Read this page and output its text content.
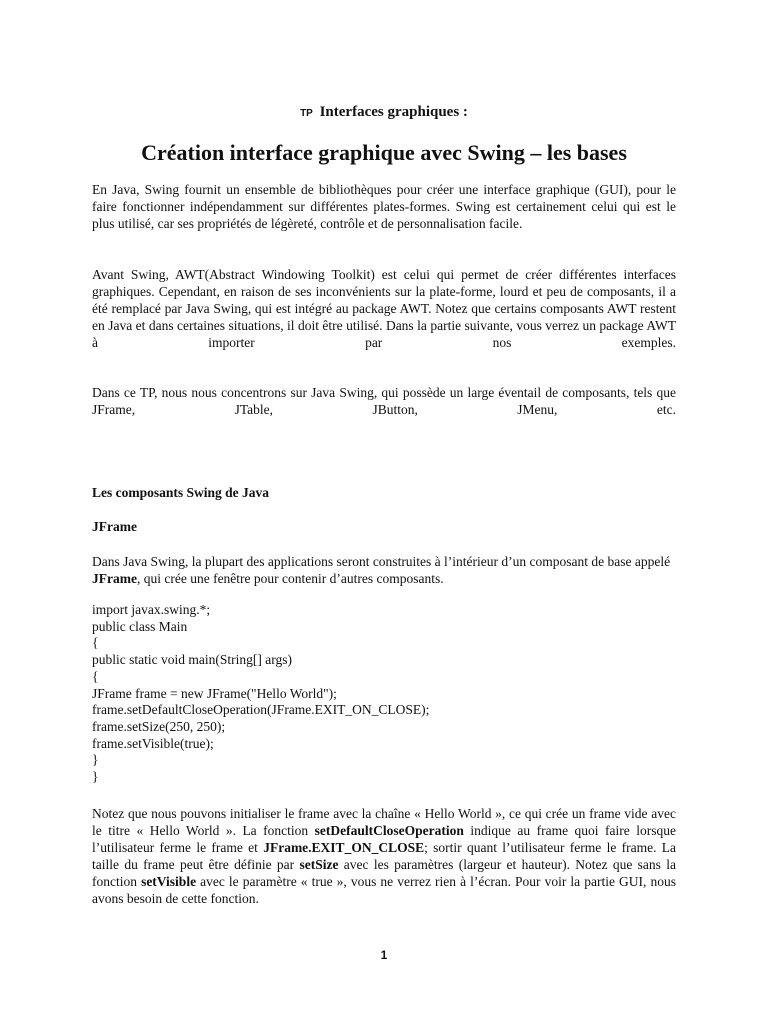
TP Interfaces graphiques :
Création interface graphique avec Swing – les bases

En Java, Swing fournit un ensemble de bibliothèques pour créer une interface graphique (GUI), pour le faire fonctionner indépendamment sur différentes plates-formes. Swing est certainement celui qui est le plus utilisé, car ses propriétés de légèreté, contrôle et de personnalisation facile.

Avant Swing, AWT(Abstract Windowing Toolkit) est celui qui permet de créer différentes interfaces graphiques. Cependant, en raison de ses inconvénients sur la plate-forme, lourd et peu de composants, il a été remplacé par Java Swing, qui est intégré au package AWT. Notez que certains composants AWT restent en Java et dans certaines situations, il doit être utilisé. Dans la partie suivante, vous verrez un package AWT à importer par nos exemples.

Dans ce TP, nous nous concentrons sur Java Swing, qui possède un large éventail de composants, tels que JFrame, JTable, JButton, JMenu, etc.

Les composants Swing de Java
JFrame

Dans Java Swing, la plupart des applications seront construites à l’intérieur d’un composant de base appelé JFrame, qui crée une fenêtre pour contenir d’autres composants.

import javax.swing.*;
public class Main
{
public static void main(String[] args)
{
JFrame frame = new JFrame("Hello World");
frame.setDefaultCloseOperation(JFrame.EXIT_ON_CLOSE);
frame.setSize(250, 250);
frame.setVisible(true);
}
}

Notez que nous pouvons initialiser le frame avec la chaîne « Hello World », ce qui crée un frame vide avec le titre « Hello World ». La fonction setDefaultCloseOperation indique au frame quoi faire lorsque l’utilisateur ferme le frame et JFrame.EXIT_ON_CLOSE; sortir quant l’utilisateur ferme le frame. La taille du frame peut être définie par setSize avec les paramètres (largeur et hauteur). Notez que sans la fonction setVisible avec le paramètre « true », vous ne verrez rien à l’écran. Pour voir la partie GUI, nous avons besoin de cette fonction.

1
